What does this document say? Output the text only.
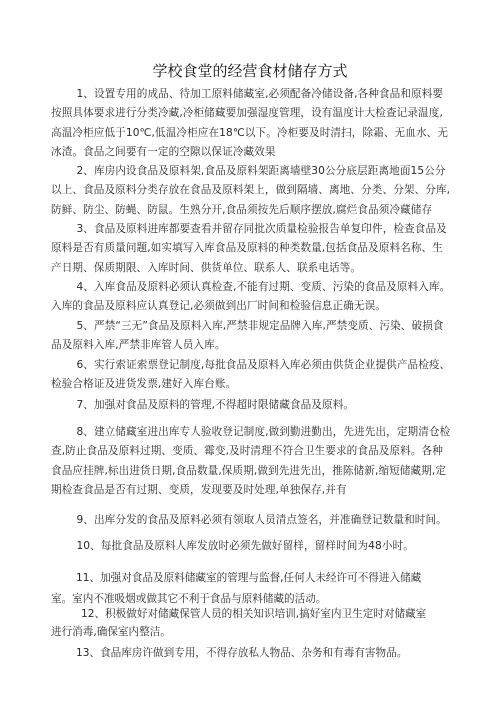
学校食堂的经营食材储存方式

1、设置专用的成品、待加工原料储藏室,必须配备冷储设备,各种食品和原料要按照具体要求进行分类冷藏,冷柜储藏要加强湿度管理，设有温度计大检查记录温度,高温冷柜应低于10℃,低温冷柜应在18℃以下。冷柜要及时清扫，除霜、无血水、无冰渣。食品之间要有一定的空隙以保证冷藏效果

2、库房内设食品及原料架,食品及原料架距离墙壁30公分底层距离地面15公分以上、食品及原料分类存放在食品及原料架上，做到隔墙、离地、分类、分架、分库,防鲜、防尘、防蝇、防鼠。生熟分开,食品须按先后顺序摆放,腐烂食品须冷藏储存

3、食品及原料进库都要查看并留存同批次质量检验报告单复印件，检查食品及原料是否有质量问题,如实填写入库食品及原料的种类数量,包括食品及原料名称、生产日期、保质期限、入库时间、供货单位、联系人、联系电话等。

4、入库食品及原料必须认真检查,不能有过期、变质、污染的食品及原料入库。入库的食品及原料应认真登记,必须做到出厂时间和检验信息正确无误。

5、严禁“三无”食品及原料入库,严禁非规定品牌入库,严禁变质、污染、破损食品及原料入库,严禁非库管人员入库。

6、实行索证索票登记制度,每批食品及原料入库必须由供货企业提供产品检疫、检验合格证及进货发票,建好入库台账。

7、加强对食品及原料的管理,不得超时限储藏食品及原料。

8、建立储藏室进出库专人验收登记制度,做到勤进勤出，先进先出，定期清仓检查,防止食品及原料过期、变质、霉变,及时清理不符合卫生要求的食品及原料。各种食品应挂牌,标出进货日期,食品数量,保质期,做到先进先出，推陈储新,缩短储藏期,定期检查食品是否有过期、变质，发现要及时处理,单独保存,并有

9、出库分发的食品及原料必须有领取人员清点签名，并准确登记数量和时间。

10、每批食品及原料人库发放时必须先做好留样，留样时间为48小时。

11、加强对食品及原料储藏室的管理与监督,任何人未经许可不得进入储藏
室。室内不准吸烟或做其它不利于食品与原料储藏的活动。
12、积极做好对储藏保管人员的相关知识培训,搞好室内卫生定时对储藏室
进行消毒,确保室内整洁。
13、食品库房许做到专用，不得存放私人物品、杂务和有毒有害物品。
